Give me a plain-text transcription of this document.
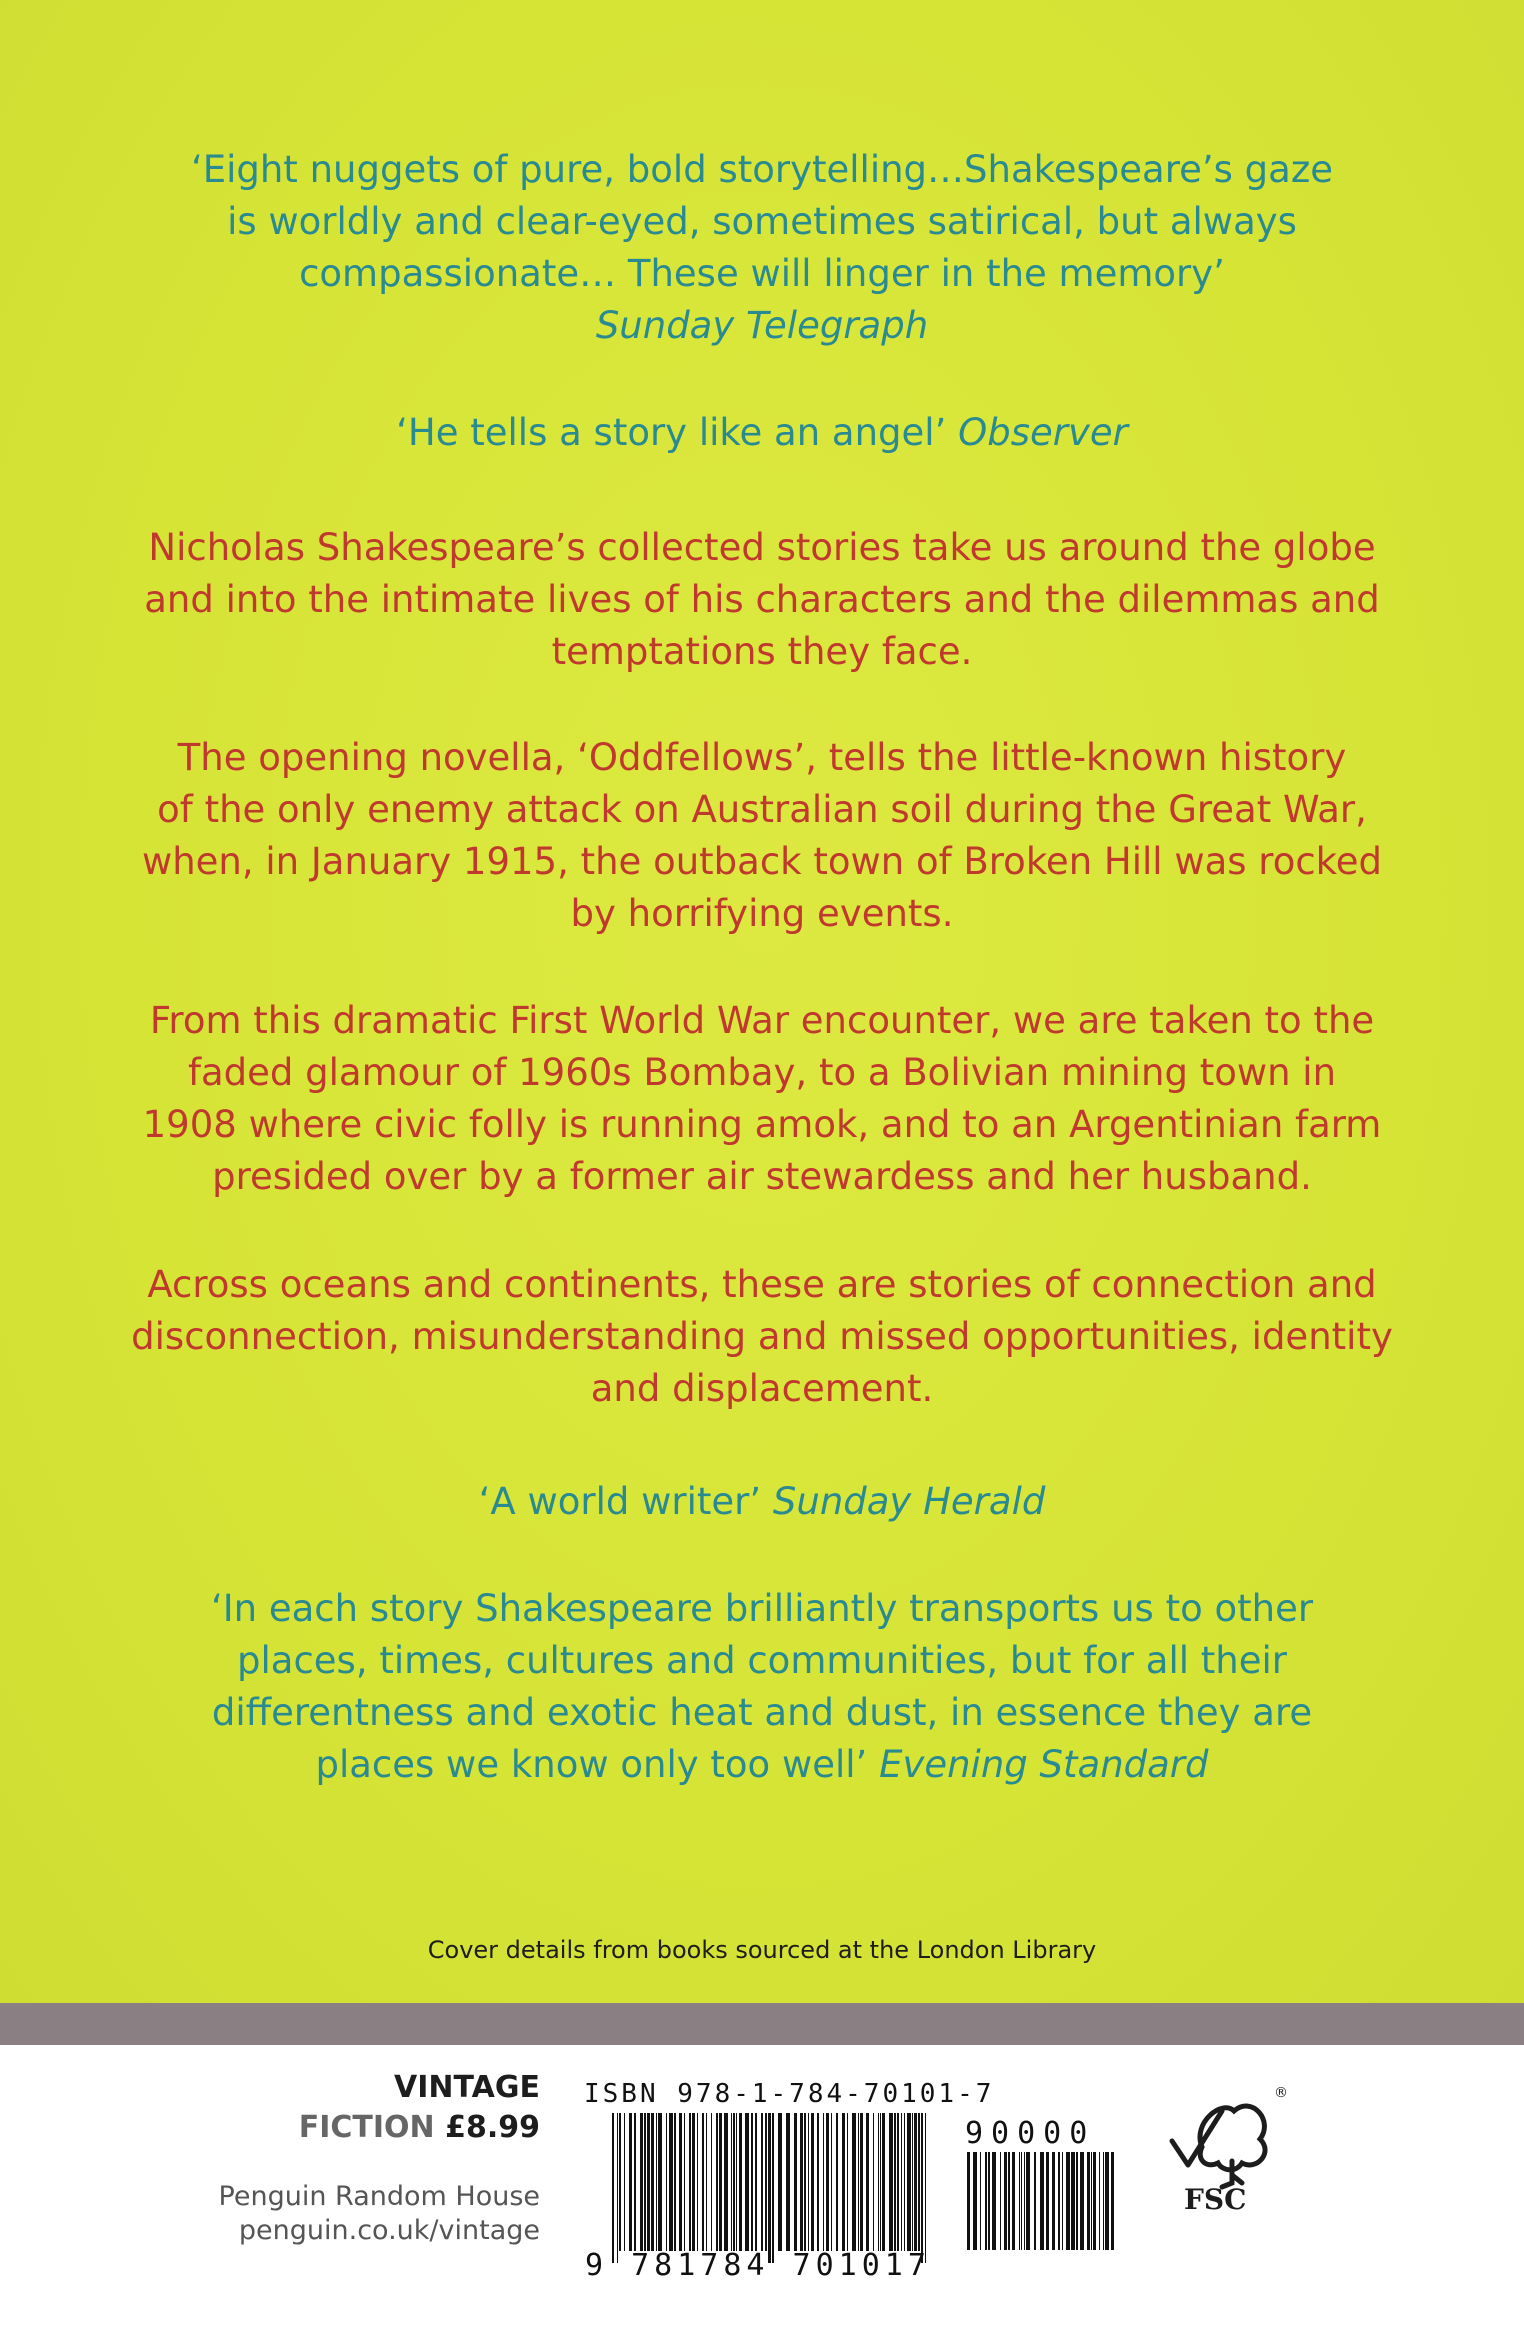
‘Eight nuggets of pure, bold storytelling…Shakespeare’s gaze
is worldly and clear-eyed, sometimes satirical, but always
compassionate… These will linger in the memory’
Sunday Telegraph

‘He tells a story like an angel’ Observer

Nicholas Shakespeare’s collected stories take us around the globe
and into the intimate lives of his characters and the dilemmas and
temptations they face.

The opening novella, ‘Oddfellows’, tells the little-known history
of the only enemy attack on Australian soil during the Great War,
when, in January 1915, the outback town of Broken Hill was rocked
by horrifying events.

From this dramatic First World War encounter, we are taken to the
faded glamour of 1960s Bombay, to a Bolivian mining town in
1908 where civic folly is running amok, and to an Argentinian farm
presided over by a former air stewardess and her husband.

Across oceans and continents, these are stories of connection and
disconnection, misunderstanding and missed opportunities, identity
and displacement.

‘A world writer’ Sunday Herald

‘In each story Shakespeare brilliantly transports us to other
places, times, cultures and communities, but for all their
differentness and exotic heat and dust, in essence they are
places we know only too well’ Evening Standard

Cover details from books sourced at the London Library
VINTAGE
FICTION £8.99
Penguin Random House
penguin.co.uk/vintage
ISBN 978-1-784-70101-7
9 781784 701017
90000
®
FSC
